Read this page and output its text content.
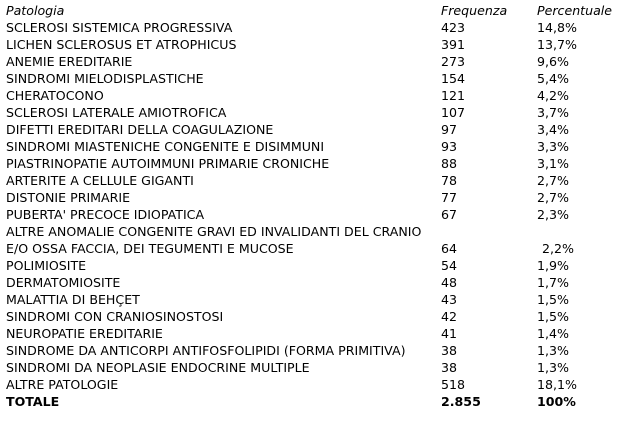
Patologia	Frequenza Percentuale
SCLEROSI SISTEMICA PROGRESSIVA	423	14,8%
LICHEN SCLEROSUS ET ATROPHICUS	391	13,7%
ANEMIE EREDITARIE	273	9,6%
SINDROMI MIELODISPLASTICHE	154	5,4%
CHERATOCONO	121	4,2%
SCLEROSI LATERALE AMIOTROFICA	107	3,7%
DIFETTI EREDITARI DELLA COAGULAZIONE	97	3,4%
SINDROMI MIASTENICHE CONGENITE E DISIMMUNI	93	3,3%
PIASTRINOPATIE AUTOIMMUNI PRIMARIE CRONICHE	88	3,1%
ARTERITE A CELLULE GIGANTI	78	2,7%
DISTONIE PRIMARIE	77	2,7%
PUBERTA' PRECOCE IDIOPATICA	67	2,3%
ALTRE ANOMALIE CONGENITE GRAVI ED INVALIDANTI DEL CRANIO E/O OSSA FACCIA, DEI TEGUMENTI E MUCOSE	64	2,2%
POLIMIOSITE	54	1,9%
DERMATOMIOSITE	48	1,7%
MALATTIA DI BEHÇET	43	1,5%
SINDROMI CON CRANIOSINOSTOSI	42	1,5%
NEUROPATIE EREDITARIE	41	1,4%
SINDROME DA ANTICORPI ANTIFOSFOLIPIDI (FORMA PRIMITIVA)	38	1,3%
SINDROMI DA NEOPLASIE ENDOCRINE MULTIPLE	38	1,3%
ALTRE PATOLOGIE	518	18,1%
TOTALE	2.855	100%
